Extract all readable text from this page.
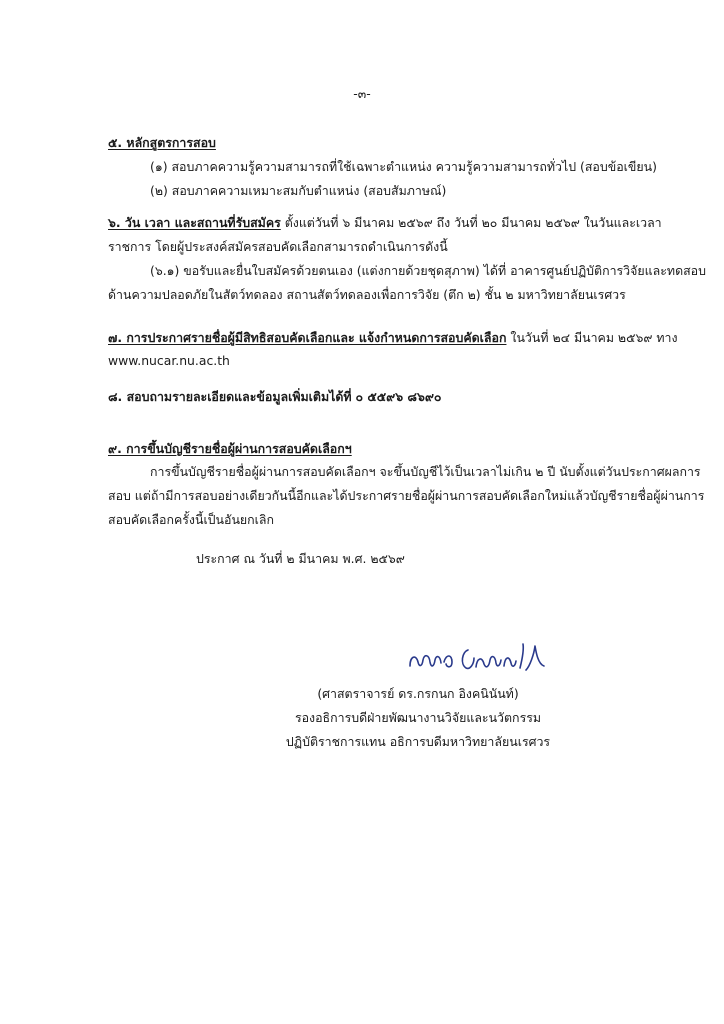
-๓-
๕. หลักสูตรการสอบ
(๑) สอบภาคความรู้ความสามารถที่ใช้เฉพาะตำแหน่ง ความรู้ความสามารถทั่วไป (สอบข้อเขียน)
(๒) สอบภาคความเหมาะสมกับตำแหน่ง (สอบสัมภาษณ์)
๖. วัน เวลา และสถานที่รับสมัคร ตั้งแต่วันที่ ๖ มีนาคม ๒๕๖๙ ถึง วันที่ ๒๐ มีนาคม ๒๕๖๙ ในวันและเวลา
ราชการ โดยผู้ประสงค์สมัครสอบคัดเลือกสามารถดำเนินการดังนี้
(๖.๑) ขอรับและยื่นใบสมัครด้วยตนเอง (แต่งกายด้วยชุดสุภาพ) ได้ที่ อาคารศูนย์ปฏิบัติการวิจัยและทดสอบ
ด้านความปลอดภัยในสัตว์ทดลอง สถานสัตว์ทดลองเพื่อการวิจัย (ตึก ๒) ชั้น ๒ มหาวิทยาลัยนเรศวร
๗. การประกาศรายชื่อผู้มีสิทธิสอบคัดเลือกและ แจ้งกำหนดการสอบคัดเลือก ในวันที่ ๒๔ มีนาคม ๒๕๖๙ ทาง
www.nucar.nu.ac.th
๘. สอบถามรายละเอียดและข้อมูลเพิ่มเติมได้ที่ ๐ ๕๕๙๖ ๘๖๙๐
๙. การขึ้นบัญชีรายชื่อผู้ผ่านการสอบคัดเลือกฯ
การขึ้นบัญชีรายชื่อผู้ผ่านการสอบคัดเลือกฯ จะขึ้นบัญชีไว้เป็นเวลาไม่เกิน ๒ ปี นับตั้งแต่วันประกาศผลการ
สอบ แต่ถ้ามีการสอบอย่างเดียวกันนี้อีกและได้ประกาศรายชื่อผู้ผ่านการสอบคัดเลือกใหม่แล้วบัญชีรายชื่อผู้ผ่านการ
สอบคัดเลือกครั้งนี้เป็นอันยกเลิก
ประกาศ ณ วันที่ ๒ มีนาคม พ.ศ. ๒๕๖๙
(ศาสตราจารย์ ดร.กรกนก อิงคนินันท์)
รองอธิการบดีฝ่ายพัฒนางานวิจัยและนวัตกรรม
ปฏิบัติราชการแทน อธิการบดีมหาวิทยาลัยนเรศวร
